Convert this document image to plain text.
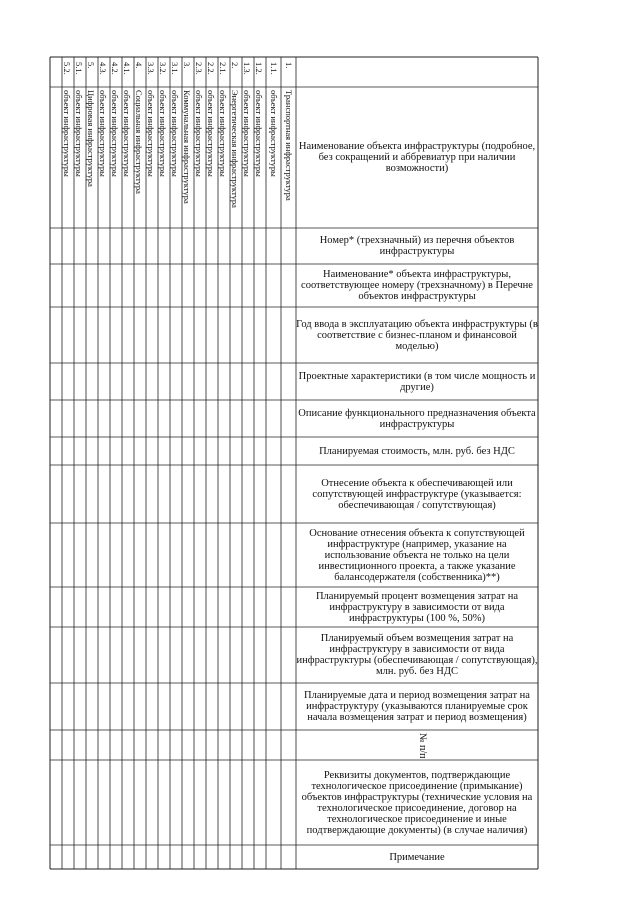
№ п/п
Наименование объекта инфраструктуры (подробное, без сокращений и аббревиатур при наличии возможности)
Номер* (трехзначный) из перечня объектов инфраструктуры
Наименование* объекта инфраструктуры, соответствующее номеру (трехзначному) в Перечне объектов инфраструктуры
Год ввода в эксплуатацию объекта инфраструктуры (в соответствие с бизнес-планом и финансовой моделью)
Проектные характеристики (в том числе мощность и другие)
Описание функционального предназначения объекта инфраструктуры
Планируемая стоимость, млн. руб. без НДС
Отнесение объекта к обеспечивающей или сопутствующей инфраструктуре (указывается: обеспечивающая / сопутствующая)
Основание отнесения объекта к сопутствующей инфраструктуре (например, указание на использование объекта не только на цели инвестиционного проекта, а также указание балансодержателя (собственника)**)
Планируемый процент возмещения затрат на инфраструктуру в зависимости от вида инфраструктуры (100 %, 50%)
Планируемый объем возмещения затрат на инфраструктуру в зависимости от вида инфраструктуры (обеспечивающая / сопутствующая), млн. руб. без НДС
Планируемые дата и период возмещения затрат на инфраструктуру (указываются планируемые срок начала возмещения затрат и период возмещения)
Реквизиты документов, подтверждающие технологическое присоединение (примыкание) объектов инфраструктуры (технические условия на технологическое присоединение, договор на технологическое присоединение и иные подтверждающие документы) (в случае наличия)
Примечание
1.
Транспортная инфраструктура
1.1.
объект инфраструктуры
1.2.
объект инфраструктуры
1.3.
объект инфраструктуры
2.
Энергетическая инфраструктура
2.1.
объект инфраструктуры
2.2.
объект инфраструктуры
2.3.
объект инфраструктуры
3.
Коммунальная инфраструктура
3.1.
объект инфраструктуры
3.2.
объект инфраструктуры
3.3.
объект инфраструктуры
4.
Социальная инфраструктура
4.1.
объект инфраструктуры
4.2.
объект инфраструктуры
4.3.
объект инфраструктуры
5.
Цифровая инфраструктура
5.1.
объект инфраструктуры
5.2.
объект инфраструктуры
